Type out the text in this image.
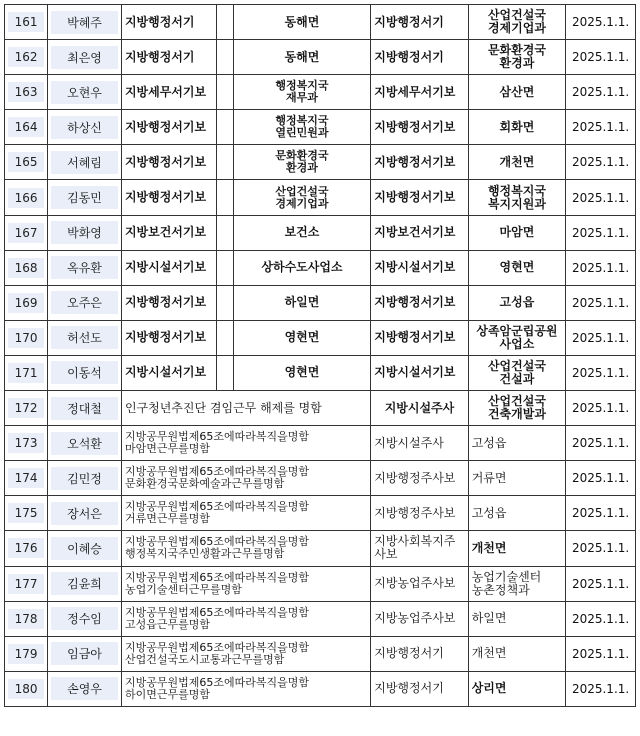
161	박혜주	지방행정서기		동해면	지방행정서기	산업건설국
경제기업과	2025.1.1.

162	최은영	지방행정서기		동해면	지방행정서기	문화환경국
환경과	2025.1.1.

163	오현우	지방세무서기보		행정복지국
재무과	지방세무서기보	삼산면	2025.1.1.

164	하상신	지방행정서기보		행정복지국
열린민원과	지방행정서기보	회화면	2025.1.1.

165	서혜림	지방행정서기보		문화환경국
환경과	지방행정서기보	개천면	2025.1.1.

166	김동민	지방행정서기보		산업건설국
경제기업과	지방행정서기보	행정복지국
복지지원과	2025.1.1.

167	박화영	지방보건서기보		보건소	지방보건서기보	마암면	2025.1.1.

168	옥유환	지방시설서기보		상하수도사업소	지방시설서기보	영현면	2025.1.1.

169	오주은	지방행정서기보		하일면	지방행정서기보	고성읍	2025.1.1.

170	허선도	지방행정서기보		영현면	지방행정서기보	상족암군립공원
사업소	2025.1.1.

171	이동석	지방시설서기보		영현면	지방시설서기보	산업건설국
건설과	2025.1.1.

172	정대철	인구청년추진단 겸임근무 해제를 명함			지방시설주사	산업건설국
건축개발과	2025.1.1.

173	오석환	지방공무원법제65조에따라복직을명함
마암면근무를명함			지방시설주사	고성읍	2025.1.1.

174	김민정	지방공무원법제65조에따라복직을명함
문화환경국문화예술과근무를명함			지방행정주사보	거류면	2025.1.1.

175	장서은	지방공무원법제65조에따라복직을명함
거류면근무를명함			지방행정주사보	고성읍	2025.1.1.

176	이혜승	지방공무원법제65조에따라복직을명함
행정복지국주민생활과근무를명함			지방사회복지주
사보	개천면	2025.1.1.

177	김윤희	지방공무원법제65조에따라복직을명함
농업기술센터근무를명함			지방농업주사보	농업기술센터
농촌정책과	2025.1.1.

178	정수임	지방공무원법제65조에따라복직을명함
고성읍근무를명함			지방농업주사보	하일면	2025.1.1.

179	임금아	지방공무원법제65조에따라복직을명함
산업건설국도시교통과근무를명함			지방행정서기	개천면	2025.1.1.

180	손영우	지방공무원법제65조에따라복직을명함
하이면근무를명함			지방행정서기	상리면	2025.1.1.
